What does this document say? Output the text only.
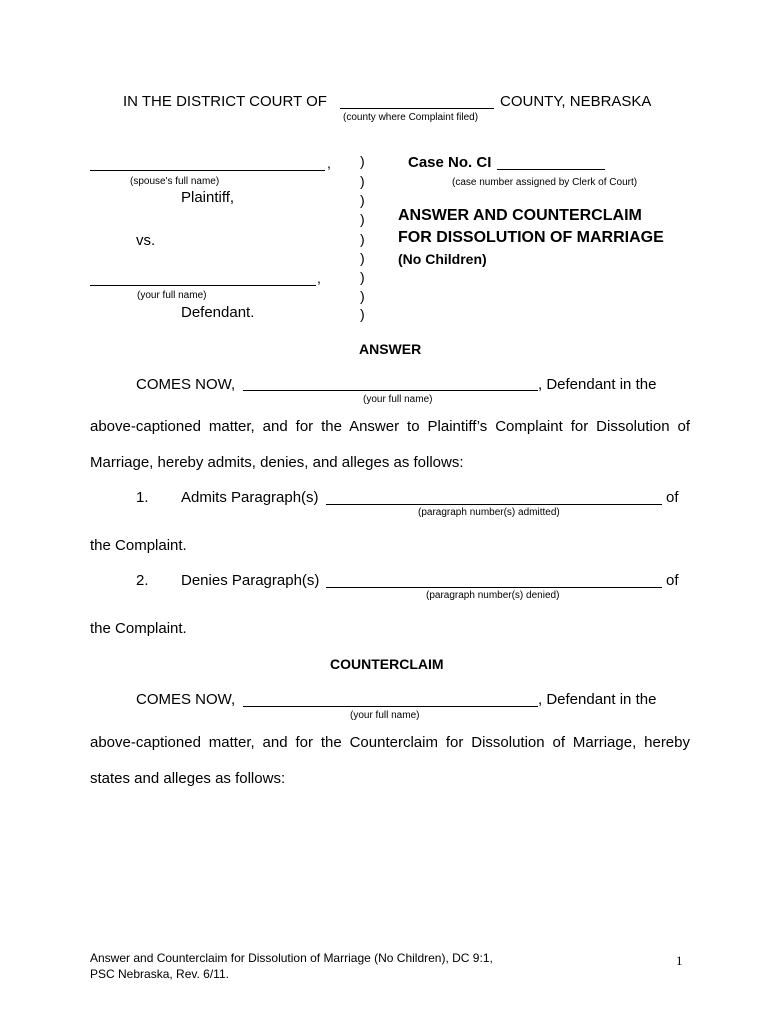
IN THE DISTRICT COURT OF	COUNTY, NEBRASKA
(county where Complaint filed)
,
(spouse's full name)
Plaintiff,
vs.
,
(your full name)
Defendant.
)
)
)
)
)
)
)
)
)
Case No. CI
(case number assigned by Clerk of Court)
ANSWER AND COUNTERCLAIM
FOR DISSOLUTION OF MARRIAGE
(No Children)
ANSWER
COMES NOW,	, Defendant in the
(your full name)
above-captioned matter, and for the Answer to Plaintiff’s Complaint for Dissolution of
Marriage, hereby admits, denies, and alleges as follows:
1. Admits Paragraph(s)	of
(paragraph number(s) admitted)
the Complaint.
2. Denies Paragraph(s)	of
(paragraph number(s) denied)
the Complaint.
COUNTERCLAIM
COMES NOW,	, Defendant in the
(your full name)
above-captioned matter, and for the Counterclaim for Dissolution of Marriage, hereby
states and alleges as follows:
Answer and Counterclaim for Dissolution of Marriage (No Children), DC 9:1,
PSC Nebraska, Rev. 6/11.
1
